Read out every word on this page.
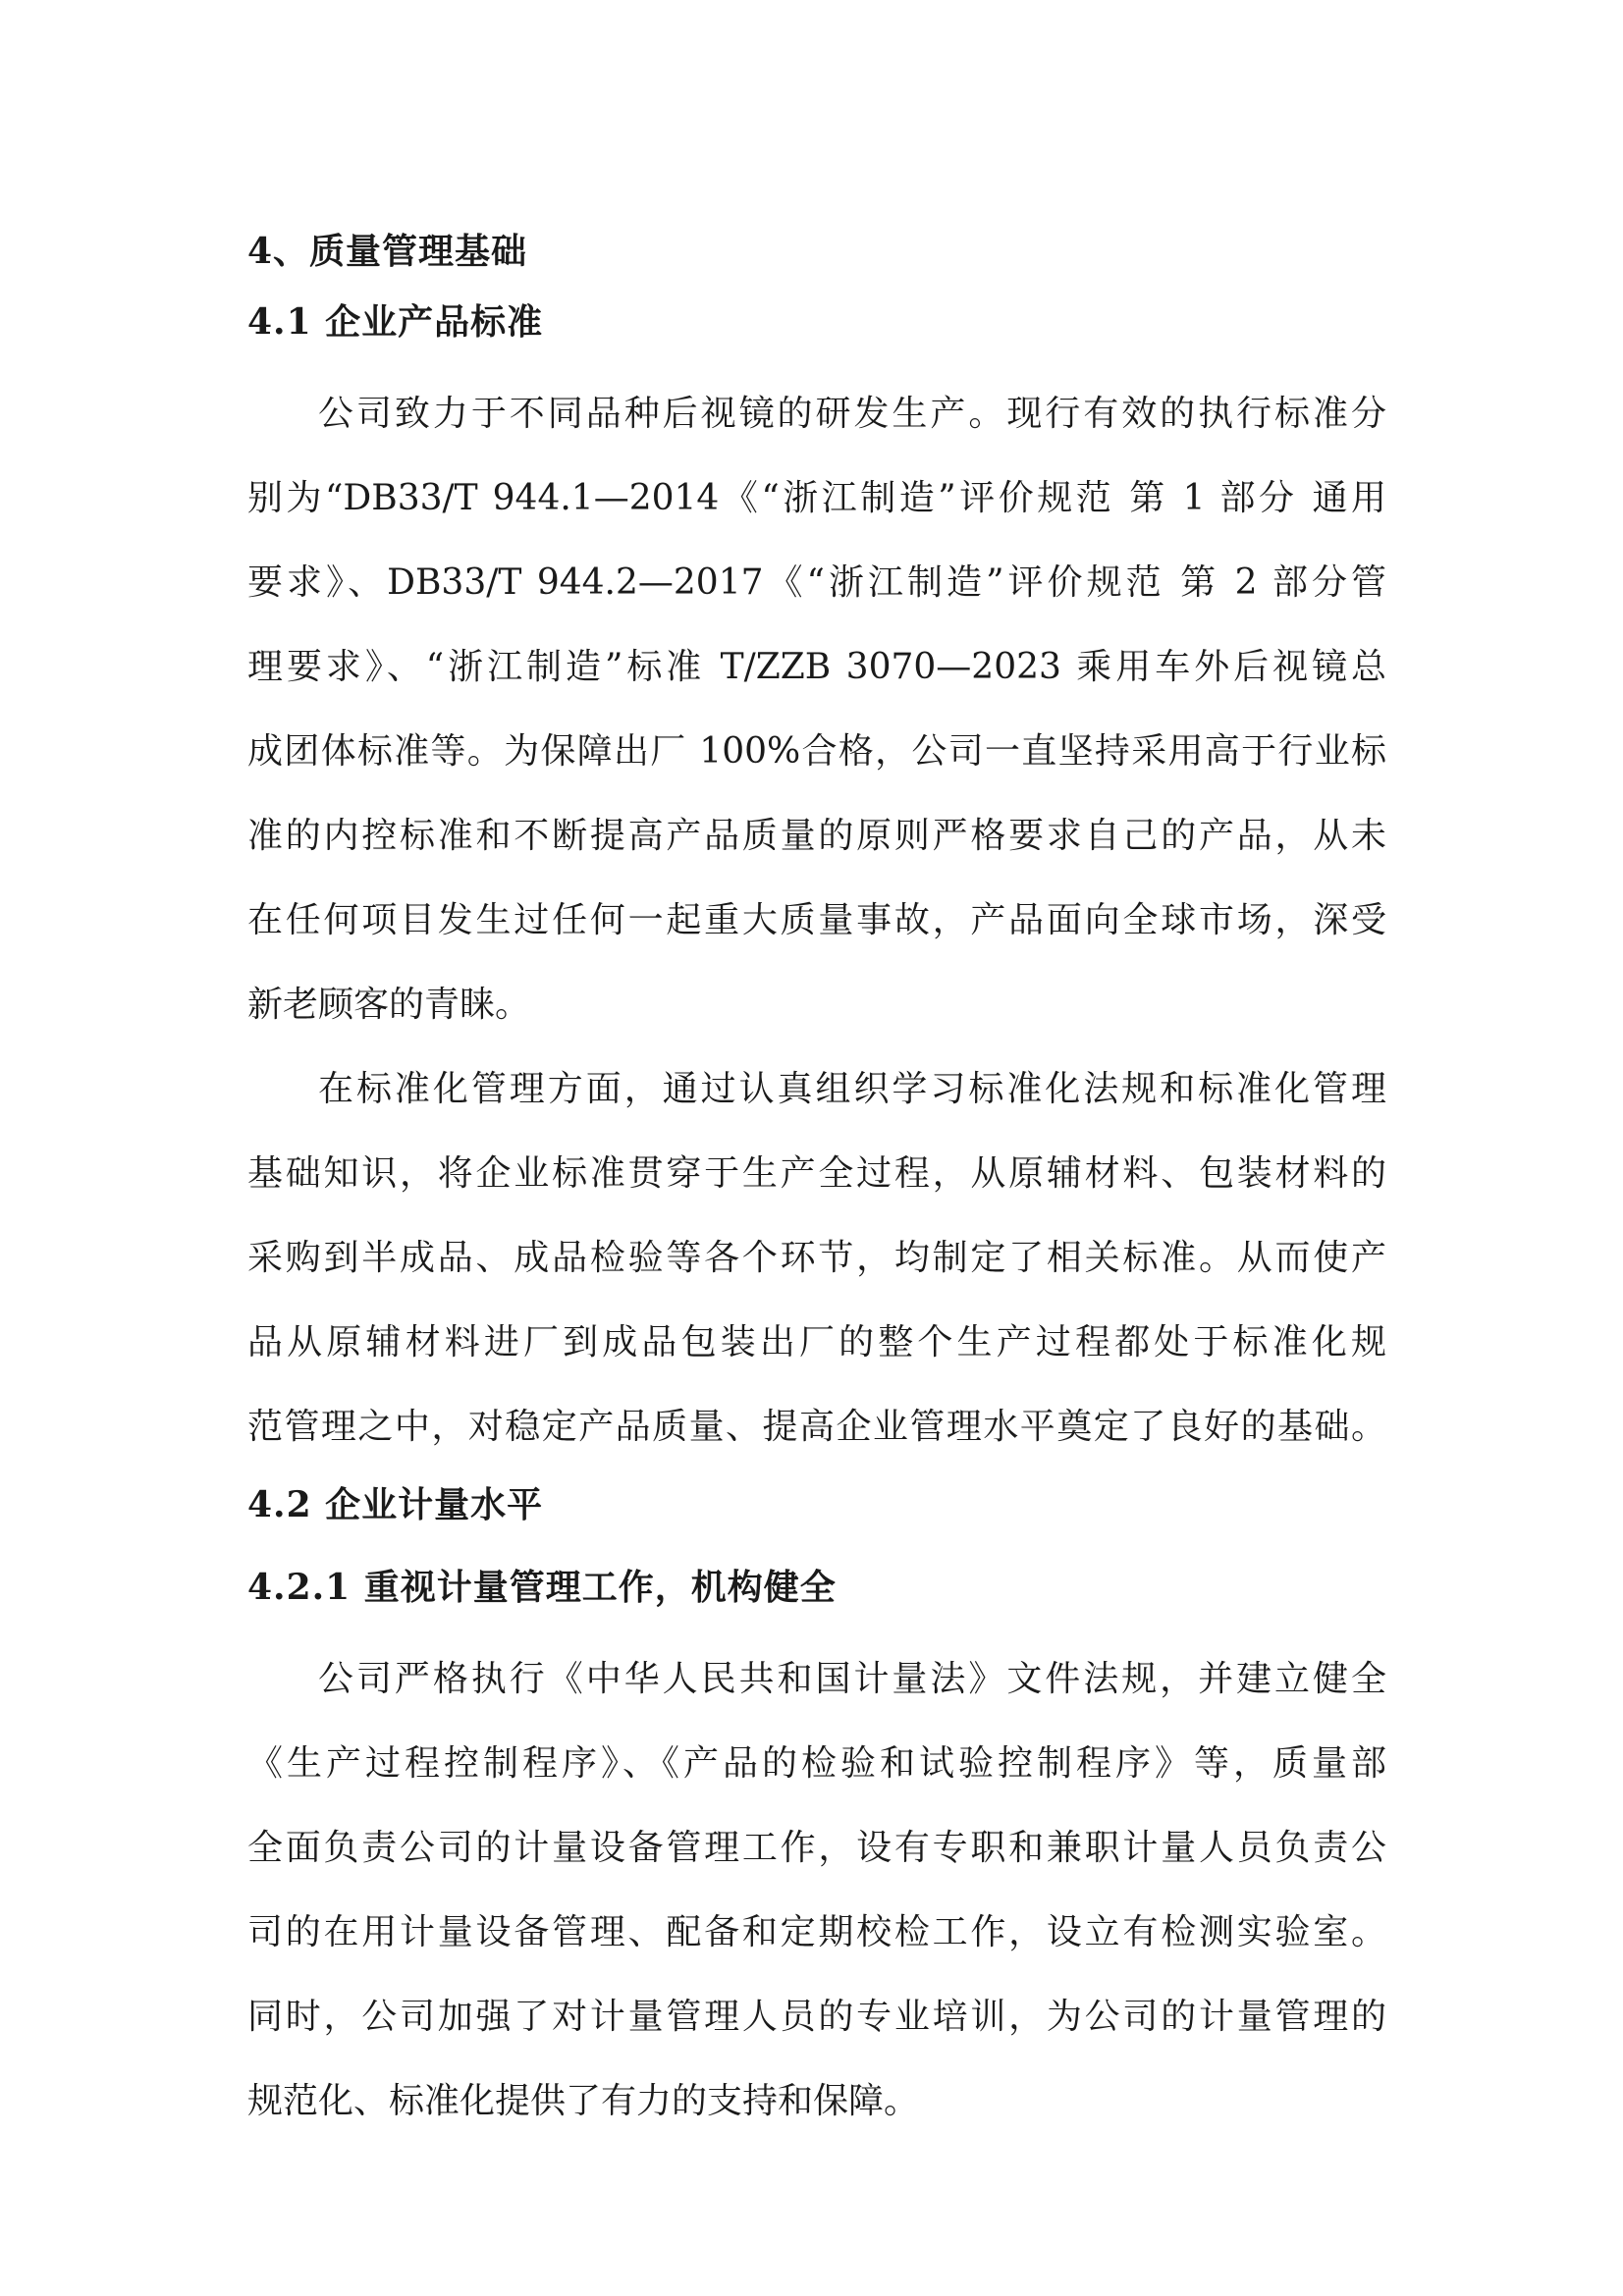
4、质量管理基础
4.1 企业产品标准
公司致力于不同品种后视镜的研发生产。现行有效的执行标准分
别为“DB33/T 944.1—2014《“浙江制造”评价规范 第 1 部分 通用
要求》、DB33/T 944.2—2017《“浙江制造”评价规范 第 2 部分管
理要求》、“浙江制造”标准 T/ZZB 3070—2023 乘用车外后视镜总
成团体标准等。为保障出厂 100%合格，公司一直坚持采用高于行业标
准的内控标准和不断提高产品质量的原则严格要求自己的产品，从未
在任何项目发生过任何一起重大质量事故，产品面向全球市场，深受
新老顾客的青睐。
在标准化管理方面，通过认真组织学习标准化法规和标准化管理
基础知识，将企业标准贯穿于生产全过程，从原辅材料、包装材料的
采购到半成品、成品检验等各个环节，均制定了相关标准。从而使产
品从原辅材料进厂到成品包装出厂的整个生产过程都处于标准化规
范管理之中，对稳定产品质量、提高企业管理水平奠定了良好的基础。
4.2 企业计量水平
4.2.1 重视计量管理工作，机构健全
公司严格执行《中华人民共和国计量法》文件法规，并建立健全
《生产过程控制程序》、《产品的检验和试验控制程序》等，质量部
全面负责公司的计量设备管理工作，设有专职和兼职计量人员负责公
司的在用计量设备管理、配备和定期校检工作，设立有检测实验室。
同时，公司加强了对计量管理人员的专业培训，为公司的计量管理的
规范化、标准化提供了有力的支持和保障。
